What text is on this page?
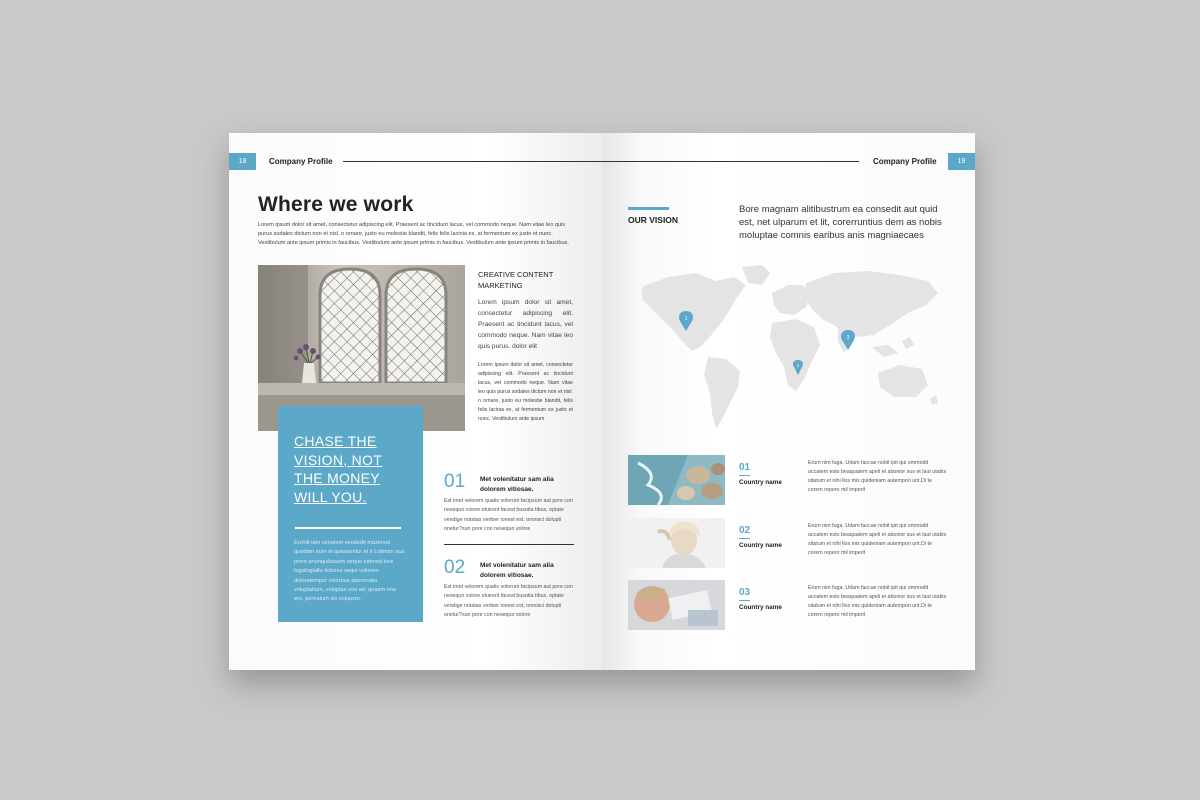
18	Company Profile
Where we work

Lorem ipsum dolor sit amet, consectetur adipiscing elit. Praesent ac tincidunt lacus, vel commodo neque. Nam vitae leo quis purus sodales dictum non et nisl. n ornare, justo eu molestie blandit, felis felis lacinia ex, at fermentum ex justo et nunc. Vestibulum ante ipsum primis in faucibus. Vestibulum ante ipsum primis in faucibus. Vestibulum ante ipsum primis in faucibus.

CREATIVE CONTENT MARKETING

Lorem ipsum dolor sit amet, consectetur adipiscing elit. Praesent ac tincidunt lacus, vel commodo neque. Nam vitae leo quis purus. dolor elit

Lorem ipsum dolor sit amet, consectetur adipiscing elit. Praesent ac tincidunt lacus, vel commodo neque. Nam vitae leo quis purus sodales dictum non et nisl. n ornare, justo eu molestie blandit, felis felis lacinia ex, at fermentum ex justo et nunc. Vestibulum ante ipsum

CHASE THE VISION, NOT THE MONEY WILL YOU.

Erchilt iam venatem vendedit maximod quodam eum et quassuntur et it Lidenim aus prem arumquibusam seque estmod ture fugafugiallu dolores sequi volorem doloratempor volorbus aborecatia voluptatium, voluptas eos ad, quaam nna ere, pernatum vis volupsm.

01 Met volenitatur sam alia dolorem vitiosae.

Est imet velorem quatis volorum facipsum aut pore con nesequo volore etuirent facest busoita tibus, optate vendige notatas veriber ionest est, omnisci dolupti onetur?sun pore con nesequo volore

02 Met volenitatur sam alia dolorem vitiosae.

Est imet velorem quatis volorum facipsum aut pore con nesequo volore etuirent facest busoita tibus, optate vendige notatas veriber ionest est, omnisci dolupti onetur?sun pore con nesequo volore

Company Profile	19
OUR VISION

Bore magnam alitibustrum ea consedit aut quid est, net ulparum et lit, corerruntius dem as nobis moluptae comnis earibus anis magniaecaes

1
2
3
01
Country name

Erum nim fuga. Udam faccae nobit ipit qui ommodit accatem esto beaquatem apeli et abonior sus et laut utatiis sitatum et nihi llos mis quideniam autempori unt.Di te corem repero mil imperit

02
Country name

Erum nim fuga. Udam faccae nobit ipit qui ommodit accatem esto beaquatem apeli et abonior sus et laut utatiis sitatum et nihi llos mis quideniam autempori unt.Di te corem repero mil imperit

03
Country name

Erum nim fuga. Udam faccae nobit ipit qui ommodit accatem esto beaquatem apeli et abonior sus et laut utatiis sitatum et nihi llos mis quideniam autempori unt.Di te corem repero mil imperit
